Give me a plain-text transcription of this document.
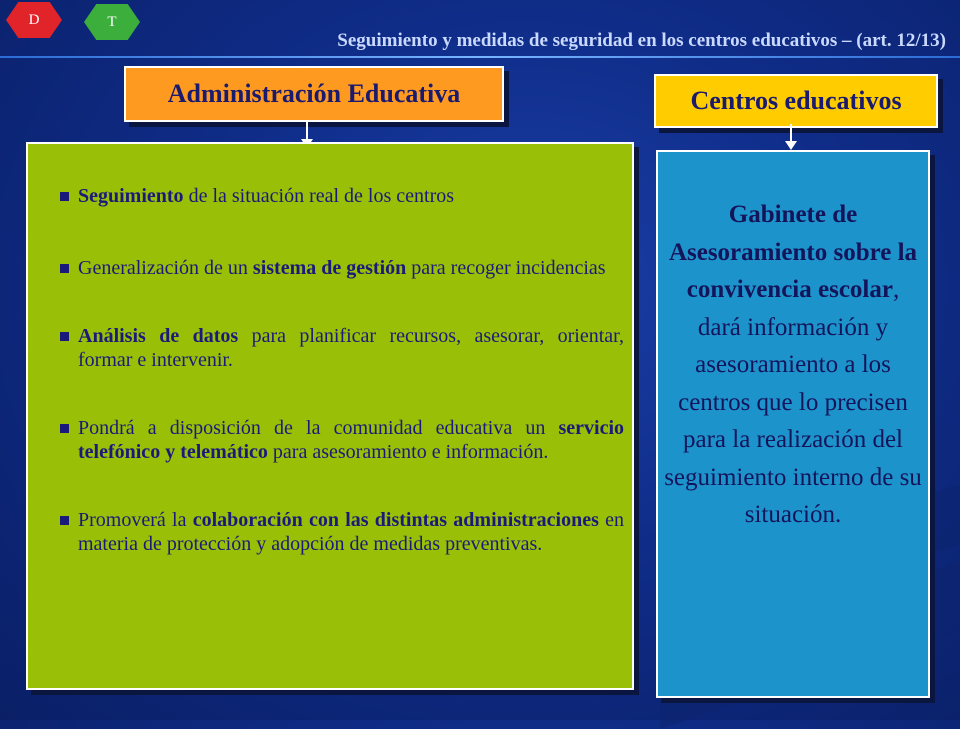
D	T
Seguimiento y medidas de seguridad en los centros educativos – (art. 12/13)
Administración Educativa	Centros educativos
Seguimiento de la situación real de los centros
Generalización de un sistema de gestión para recoger incidencias
Análisis de datos para planificar recursos, asesorar, orientar, formar e intervenir.
Pondrá a disposición de la comunidad educativa un servicio telefónico y telemático para asesoramiento e información.
Promoverá la colaboración con las distintas administraciones en materia de protección y adopción de medidas preventivas.
Gabinete de Asesoramiento sobre la convivencia escolar, dará información y asesoramiento a los centros que lo precisen para la realización del seguimiento interno de su situación.
